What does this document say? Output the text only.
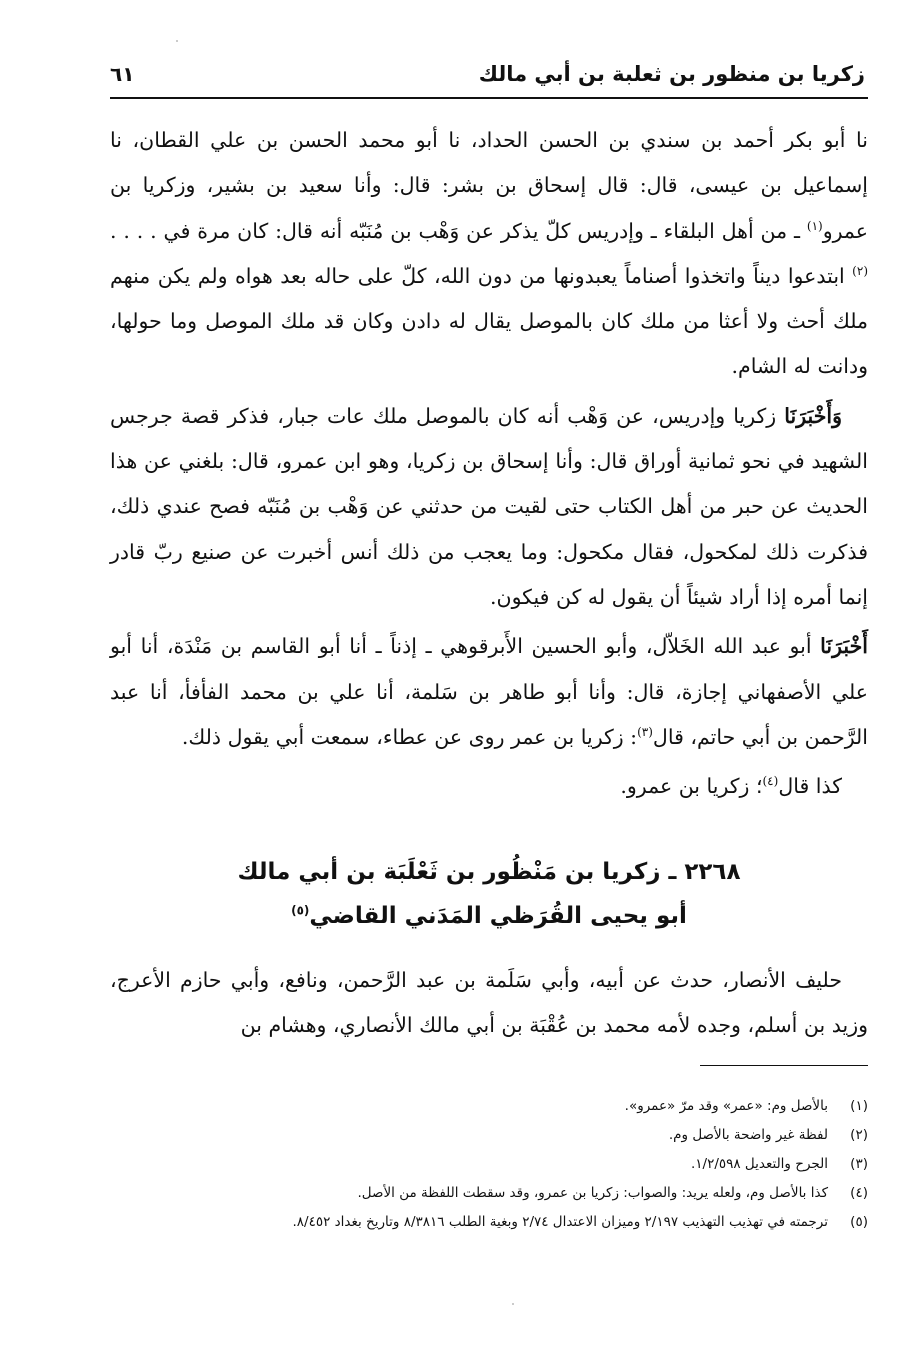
زكريا بن منظور بن ثعلبة بن أبي مالك
٦١

نا أبو بكر أحمد بن سندي بن الحسن الحداد، نا أبو محمد الحسن بن علي القطان، نا إسماعيل بن عيسى، قال: قال إسحاق بن بشر: قال: وأنا سعيد بن بشير، وزكريا بن عمرو$^{(١)}$ ـ من أهل البلقاء ـ وإدريس كلّ يذكر عن وَهْب بن مُنَبّه أنه قال: كان مرة في . . . .$^{(٢)}$ ابتدعوا ديناً واتخذوا أصناماً يعبدونها من دون الله، كلّ على حاله بعد هواه ولم يكن منهم ملك أحث ولا أعثا من ملك كان بالموصل يقال له دادن وكان قد ملك الموصل وما حولها، ودانت له الشام.

وَأَخْبَرَنَا زكريا وإدريس، عن وَهْب أنه كان بالموصل ملك عات جبار، فذكر قصة جرجس الشهيد في نحو ثمانية أوراق قال: وأنا إسحاق بن زكريا، وهو ابن عمرو، قال: بلغني عن هذا الحديث عن حبر من أهل الكتاب حتى لقيت من حدثني عن وَهْب بن مُنَبّه فصح عندي ذلك، فذكرت ذلك لمكحول، فقال مكحول: وما يعجب من ذلك أنس أخبرت عن صنيع ربّ قادر إنما أمره إذا أراد شيئاً أن يقول له كن فيكون.

أَخْبَرَنَا أبو عبد الله الخَلاّل، وأبو الحسين الأَبرقوهي ـ إذناً ـ أنا أبو القاسم بن مَنْدَة، أنا أبو علي الأصفهاني إجازة، قال: وأنا أبو طاهر بن سَلمة، أنا علي بن محمد الفأفأ، أنا عبد الرَّحمن بن أبي حاتم، قال$^{(٣)}$: زكريا بن عمر روى عن عطاء، سمعت أبي يقول ذلك.

كذا قال$^{(٤)}$؛ زكريا بن عمرو.

٢٢٦٨ ـ زكريا بن مَنْظُور بن ثَعْلَبَة بن أبي مالك
أبو يحيى القُرَظي المَدَني القاضي$^{(٥)}$

حليف الأنصار، حدث عن أبيه، وأبي سَلَمة بن عبد الرَّحمن، ونافع، وأبي حازم الأعرج، وزيد بن أسلم، وجده لأمه محمد بن عُقْبَة بن أبي مالك الأنصاري، وهشام بن

(١)
بالأصل وم: «عمر» وقد مرّ «عمرو».
(٢)
لفظة غير واضحة بالأصل وم.
(٣)
الجرح والتعديل ١/٢/٥٩٨.
(٤)
كذا بالأصل وم، ولعله يريد: والصواب: زكريا بن عمرو، وقد سقطت اللفظة من الأصل.
(٥)
ترجمته في تهذيب التهذيب ٢/١٩٧ وميزان الاعتدال ٢/٧٤ وبغية الطلب ٨/٣٨١٦ وتاريخ بغداد ٨/٤٥٢.
